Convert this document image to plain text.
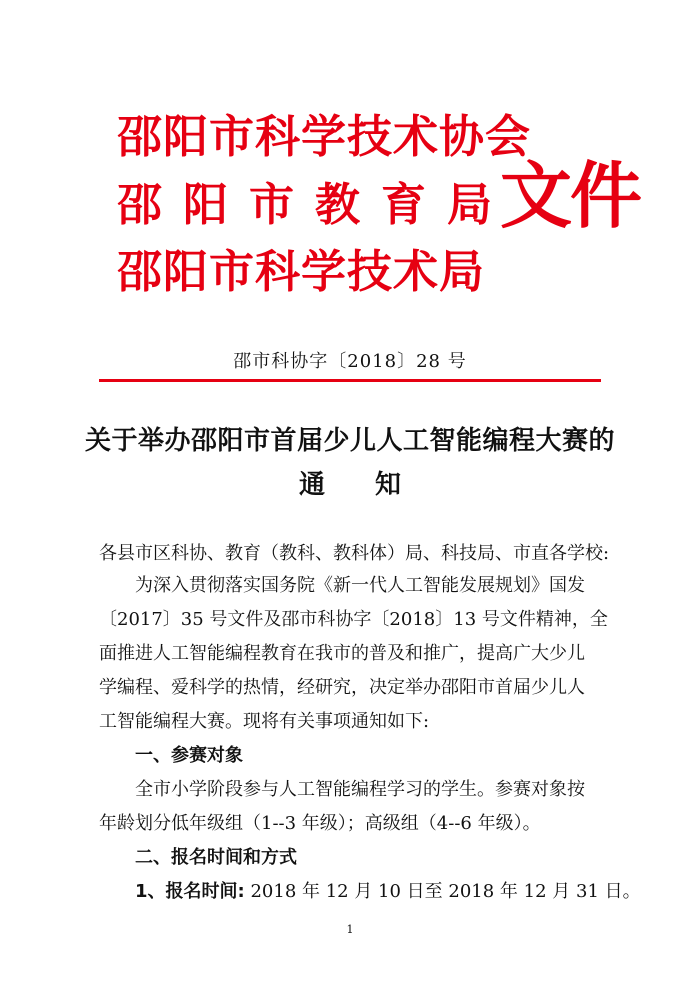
邵阳市科学技术协会
邵阳市教育局
邵阳市科学技术局
文件
邵市科协字〔2018〕28 号
关于举办邵阳市首届少儿人工智能编程大赛的
通 知
各县市区科协、教育（教科、教科体）局、科技局、市直各学校:
为深入贯彻落实国务院《新一代人工智能发展规划》国发
〔2017〕35 号文件及邵市科协字〔2018〕13 号文件精神，全
面推进人工智能编程教育在我市的普及和推广，提高广大少儿
学编程、爱科学的热情，经研究，决定举办邵阳市首届少儿人
工智能编程大赛。现将有关事项通知如下:
一、参赛对象
全市小学阶段参与人工智能编程学习的学生。参赛对象按
年龄划分低年级组（1--3 年级）；高级组（4--6 年级）。
二、报名时间和方式
1、报名时间: 2018 年 12 月 10 日至 2018 年 12 月 31 日。
1
